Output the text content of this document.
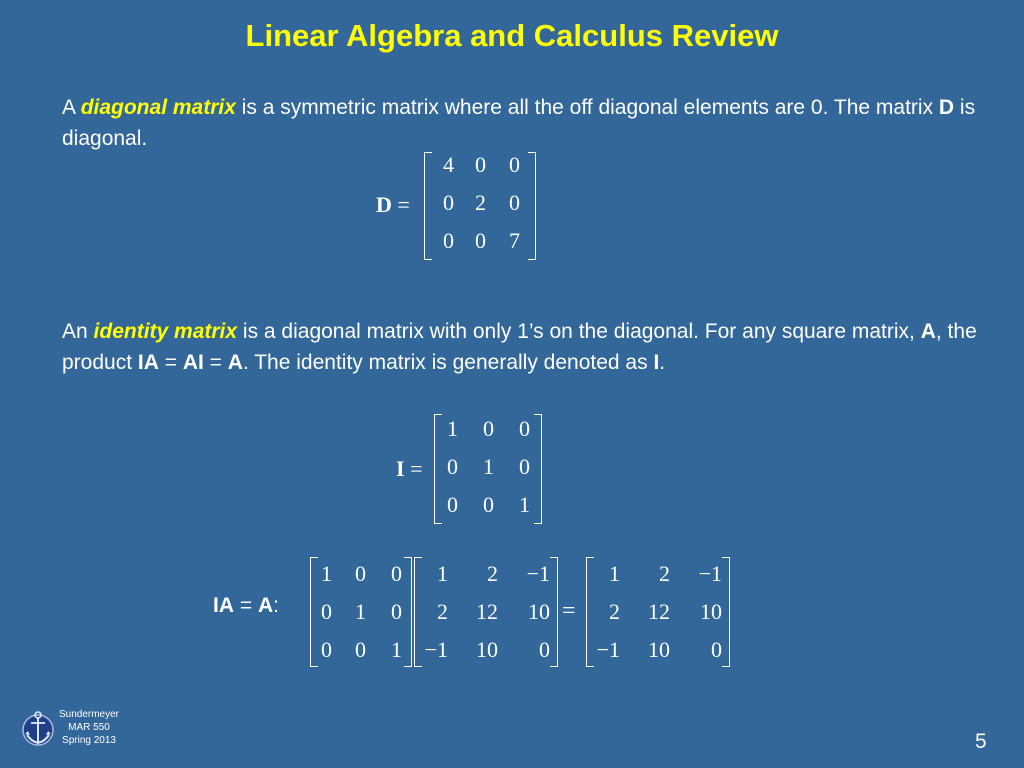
Linear Algebra and Calculus Review
A diagonal matrix is a symmetric matrix where all the off diagonal elements are 0. The matrix D is diagonal.
D =
4 0	0
0 2	0
0 0	7
An identity matrix is a diagonal matrix with only 1’s on the diagonal. For any square matrix, A, the product IA = AI = A. The identity matrix is generally denoted as I.
I =
1	0	0
0	1	0
0	0	1
IA = A:
1	0	0
0	1	0
0	0	1
1	2	−1
2	12	10
−1	10	0
=
1	2	−1
2	12	10
−1	10	0
Sundermeyer
MAR 550
Spring 2013	5
